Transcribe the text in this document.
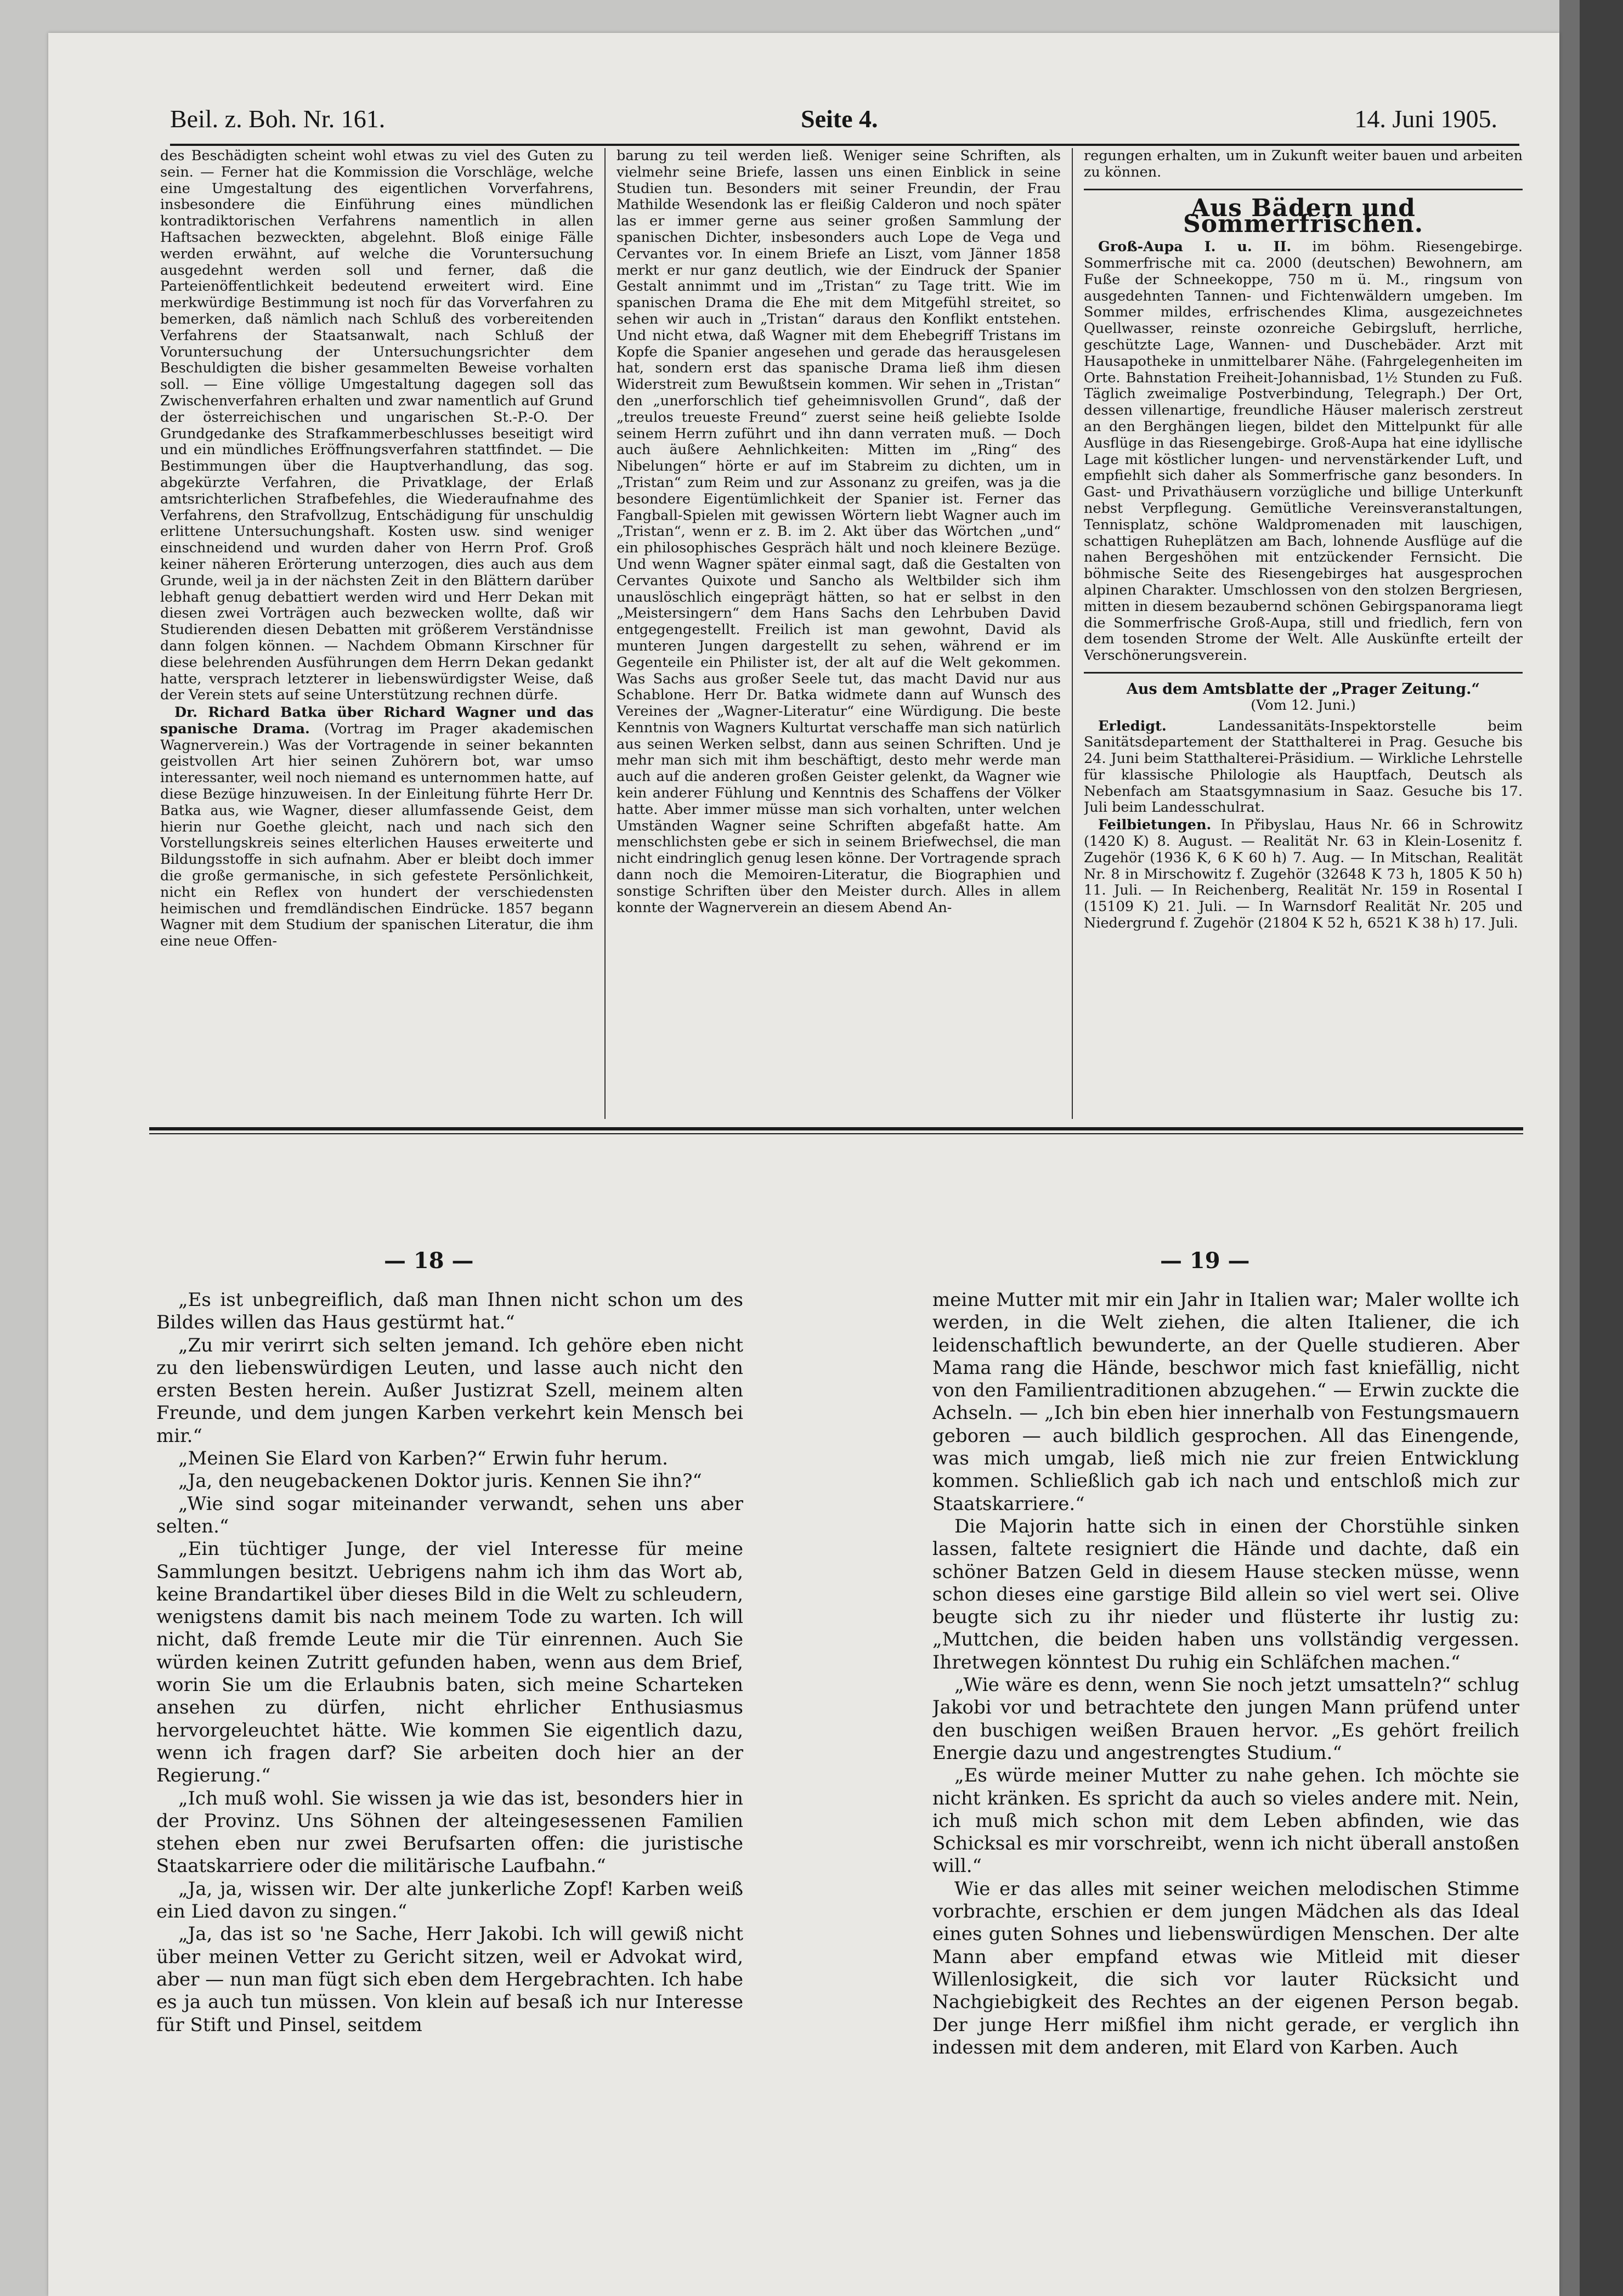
Beil. z. Boh. Nr. 161.	Seite 4.	14. Juni 1905.

des Beschädigten scheint wohl etwas zu viel des Guten zu sein. — Ferner hat die Kommission die Vorschläge, welche eine Umgestaltung des eigentlichen Vorverfahrens, insbesondere die Einführung eines mündlichen kontradiktorischen Verfahrens namentlich in allen Haftsachen bezweckten, abgelehnt. Bloß einige Fälle werden erwähnt, auf welche die Voruntersuchung ausgedehnt werden soll und ferner, daß die Parteienöffentlichkeit bedeutend erweitert wird. Eine merkwürdige Bestimmung ist noch für das Vorverfahren zu bemerken, daß nämlich nach Schluß des vorbereitenden Verfahrens der Staatsanwalt, nach Schluß der Voruntersuchung der Untersuchungsrichter dem Beschuldigten die bisher gesammelten Beweise vorhalten soll. — Eine völlige Umgestaltung dagegen soll das Zwischenverfahren erhalten und zwar namentlich auf Grund der österreichischen und ungarischen St.-P.-O. Der Grundgedanke des Strafkammerbeschlusses beseitigt wird und ein mündliches Eröffnungsverfahren stattfindet. — Die Bestimmungen über die Hauptverhandlung, das sog. abgekürzte Verfahren, die Privatklage, der Erlaß amtsrichterlichen Strafbefehles, die Wiederaufnahme des Verfahrens, den Strafvollzug, Entschädigung für unschuldig erlittene Untersuchungshaft. Kosten usw. sind weniger einschneidend und wurden daher von Herrn Prof. Groß keiner näheren Erörterung unterzogen, dies auch aus dem Grunde, weil ja in der nächsten Zeit in den Blättern darüber lebhaft genug debattiert werden wird und Herr Dekan mit diesen zwei Vorträgen auch bezwecken wollte, daß wir Studierenden diesen Debatten mit größerem Verständnisse dann folgen können. — Nachdem Obmann Kirschner für diese belehrenden Ausführungen dem Herrn Dekan gedankt hatte, versprach letzterer in liebenswürdigster Weise, daß der Verein stets auf seine Unterstützung rechnen dürfe.

Dr. Richard Batka über Richard Wagner und das spanische Drama. (Vortrag im Prager akademischen Wagnerverein.) Was der Vortragende in seiner bekannten geistvollen Art hier seinen Zuhörern bot, war umso interessanter, weil noch niemand es unternommen hatte, auf diese Bezüge hinzuweisen. In der Einleitung führte Herr Dr. Batka aus, wie Wagner, dieser allumfassende Geist, dem hierin nur Goethe gleicht, nach und nach sich den Vorstellungskreis seines elterlichen Hauses erweiterte und Bildungsstoffe in sich aufnahm. Aber er bleibt doch immer die große germanische, in sich gefestete Persönlichkeit, nicht ein Reflex von hundert der verschiedensten heimischen und fremdländischen Eindrücke. 1857 begann Wagner mit dem Studium der spanischen Literatur, die ihm eine neue Offen-

barung zu teil werden ließ. Weniger seine Schriften, als vielmehr seine Briefe, lassen uns einen Einblick in seine Studien tun. Besonders mit seiner Freundin, der Frau Mathilde Wesendonk las er fleißig Calderon und noch später las er immer gerne aus seiner großen Sammlung der spanischen Dichter, insbesonders auch Lope de Vega und Cervantes vor. In einem Briefe an Liszt, vom Jänner 1858 merkt er nur ganz deutlich, wie der Eindruck der Spanier Gestalt annimmt und im „Tristan“ zu Tage tritt. Wie im spanischen Drama die Ehe mit dem Mitgefühl streitet, so sehen wir auch in „Tristan“ daraus den Konflikt entstehen. Und nicht etwa, daß Wagner mit dem Ehebegriff Tristans im Kopfe die Spanier angesehen und gerade das herausgelesen hat, sondern erst das spanische Drama ließ ihm diesen Widerstreit zum Bewußtsein kommen. Wir sehen in „Tristan“ den „unerforschlich tief geheimnisvollen Grund“, daß der „treulos treueste Freund“ zuerst seine heiß geliebte Isolde seinem Herrn zuführt und ihn dann verraten muß. — Doch auch äußere Aehnlichkeiten: Mitten im „Ring“ des Nibelungen“ hörte er auf im Stabreim zu dichten, um in „Tristan“ zum Reim und zur Assonanz zu greifen, was ja die besondere Eigentümlichkeit der Spanier ist. Ferner das Fangball-Spielen mit gewissen Wörtern liebt Wagner auch im „Tristan“, wenn er z. B. im 2. Akt über das Wörtchen „und“ ein philosophisches Gespräch hält und noch kleinere Bezüge. Und wenn Wagner später einmal sagt, daß die Gestalten von Cervantes Quixote und Sancho als Weltbilder sich ihm unauslöschlich eingeprägt hätten, so hat er selbst in den „Meistersingern“ dem Hans Sachs den Lehrbuben David entgegengestellt. Freilich ist man gewohnt, David als munteren Jungen dargestellt zu sehen, während er im Gegenteile ein Philister ist, der alt auf die Welt gekommen. Was Sachs aus großer Seele tut, das macht David nur aus Schablone. Herr Dr. Batka widmete dann auf Wunsch des Vereines der „Wagner-Literatur“ eine Würdigung. Die beste Kenntnis von Wagners Kulturtat verschaffe man sich natürlich aus seinen Werken selbst, dann aus seinen Schriften. Und je mehr man sich mit ihm beschäftigt, desto mehr werde man auch auf die anderen großen Geister gelenkt, da Wagner wie kein anderer Fühlung und Kenntnis des Schaffens der Völker hatte. Aber immer müsse man sich vorhalten, unter welchen Umständen Wagner seine Schriften abgefaßt hatte. Am menschlichsten gebe er sich in seinem Briefwechsel, die man nicht eindringlich genug lesen könne. Der Vortragende sprach dann noch die Memoiren-Literatur, die Biographien und sonstige Schriften über den Meister durch. Alles in allem konnte der Wagnerverein an diesem Abend An-

regungen erhalten, um in Zukunft weiter bauen und arbeiten zu können.

Aus Bädern und Sommerfrischen.

Groß-Aupa I. u. II. im böhm. Riesengebirge. Sommerfrische mit ca. 2000 (deutschen) Bewohnern, am Fuße der Schneekoppe, 750 m ü. M., ringsum von ausgedehnten Tannen- und Fichtenwäldern umgeben. Im Sommer mildes, erfrischendes Klima, ausgezeichnetes Quellwasser, reinste ozonreiche Gebirgsluft, herrliche, geschützte Lage, Wannen- und Duschebäder. Arzt mit Hausapotheke in unmittelbarer Nähe. (Fahrgelegenheiten im Orte. Bahnstation Freiheit-Johannisbad, 1½ Stunden zu Fuß. Täglich zweimalige Postverbindung, Telegraph.) Der Ort, dessen villenartige, freundliche Häuser malerisch zerstreut an den Berghängen liegen, bildet den Mittelpunkt für alle Ausflüge in das Riesengebirge. Groß-Aupa hat eine idyllische Lage mit köstlicher lungen- und nervenstärkender Luft, und empfiehlt sich daher als Sommerfrische ganz besonders. In Gast- und Privathäusern vorzügliche und billige Unterkunft nebst Verpflegung. Gemütliche Vereinsveranstaltungen, Tennisplatz, schöne Waldpromenaden mit lauschigen, schattigen Ruheplätzen am Bach, lohnende Ausflüge auf die nahen Bergeshöhen mit entzückender Fernsicht. Die böhmische Seite des Riesengebirges hat ausgesprochen alpinen Charakter. Umschlossen von den stolzen Bergriesen, mitten in diesem bezaubernd schönen Gebirgspanorama liegt die Sommerfrische Groß-Aupa, still und friedlich, fern von dem tosenden Strome der Welt. Alle Auskünfte erteilt der Verschönerungsverein.

Aus dem Amtsblatte der „Prager Zeitung.“
(Vom 12. Juni.)

Erledigt.	Landessanitäts-Inspektorstelle beim Sanitätsdepartement der Statthalterei in Prag. Gesuche bis 24. Juni beim Statthalterei-Präsidium. — Wirkliche Lehrstelle für klassische Philologie als Hauptfach, Deutsch als Nebenfach am Staatsgymnasium in Saaz. Gesuche bis 17. Juli beim Landesschulrat.

Feilbietungen. In Přibyslau, Haus Nr. 66 in Schrowitz (1420 K) 8. August. — Realität Nr. 63 in Klein-Losenitz f. Zugehör (1936 K, 6 K 60 h) 7. Aug. — In Mitschan, Realität Nr. 8 in Mirschowitz f. Zugehör (32648 K 73 h, 1805 K 50 h) 11. Juli. — In Reichenberg, Realität Nr. 159 in Rosental I (15109 K) 21. Juli. — In Warnsdorf Realität Nr. 205 und Niedergrund f. Zugehör (21804 K 52 h, 6521 K 38 h) 17. Juli.

— 18 —	— 19 —

„Es ist unbegreiflich, daß man Ihnen nicht schon um des Bildes willen das Haus gestürmt hat.“

„Zu mir verirrt sich selten jemand. Ich gehöre eben nicht zu den liebenswürdigen Leuten, und lasse auch nicht den ersten Besten herein. Außer Justizrat Szell, meinem alten Freunde, und dem jungen Karben verkehrt kein Mensch bei mir.“

„Meinen Sie Elard von Karben?“ Erwin fuhr herum.

„Ja, den neugebackenen Doktor juris. Kennen Sie ihn?“

„Wie sind sogar miteinander verwandt, sehen uns aber selten.“

„Ein tüchtiger Junge, der viel Interesse für meine Sammlungen besitzt. Uebrigens nahm ich ihm das Wort ab, keine Brandartikel über dieses Bild in die Welt zu schleudern, wenigstens damit bis nach meinem Tode zu warten. Ich will nicht, daß fremde Leute mir die Tür einrennen. Auch Sie würden keinen Zutritt gefunden haben, wenn aus dem Brief, worin Sie um die Erlaubnis baten, sich meine Scharteken ansehen zu dürfen, nicht ehrlicher Enthusiasmus hervorgeleuchtet hätte. Wie kommen Sie eigentlich dazu, wenn ich fragen darf? Sie arbeiten doch hier an der Regierung.“

„Ich muß wohl. Sie wissen ja wie das ist, besonders hier in der Provinz. Uns Söhnen der alteingesessenen Familien stehen eben nur zwei Berufsarten offen: die juristische Staatskarriere oder die militärische Laufbahn.“

„Ja, ja, wissen wir. Der alte junkerliche Zopf! Karben weiß ein Lied davon zu singen.“

„Ja, das ist so 'ne Sache, Herr Jakobi. Ich will gewiß nicht über meinen Vetter zu Gericht sitzen, weil er Advokat wird, aber — nun man fügt sich eben dem Hergebrachten. Ich habe es ja auch tun müssen. Von klein auf besaß ich nur Interesse für Stift und Pinsel, seitdem

meine Mutter mit mir ein Jahr in Italien war; Maler wollte ich werden, in die Welt ziehen, die alten Italiener, die ich leidenschaftlich bewunderte, an der Quelle studieren. Aber Mama rang die Hände, beschwor mich fast kniefällig, nicht von den Familientraditionen abzugehen.“ — Erwin zuckte die Achseln. — „Ich bin eben hier innerhalb von Festungsmauern geboren — auch bildlich gesprochen. All das Einengende, was mich umgab, ließ mich nie zur freien Entwicklung kommen. Schließlich gab ich nach und entschloß mich zur Staatskarriere.“

Die Majorin hatte sich in einen der Chorstühle sinken lassen, faltete resigniert die Hände und dachte, daß ein schöner Batzen Geld in diesem Hause stecken müsse, wenn schon dieses eine garstige Bild allein so viel wert sei. Olive beugte sich zu ihr nieder und flüsterte ihr lustig zu: „Muttchen, die beiden haben uns vollständig vergessen. Ihretwegen könntest Du ruhig ein Schläfchen machen.“

„Wie wäre es denn, wenn Sie noch jetzt umsatteln?“ schlug Jakobi vor und betrachtete den jungen Mann prüfend unter den buschigen weißen Brauen hervor. „Es gehört freilich Energie dazu und angestrengtes Studium.“

„Es würde meiner Mutter zu nahe gehen. Ich möchte sie nicht kränken. Es spricht da auch so vieles andere mit. Nein, ich muß mich schon mit dem Leben abfinden, wie das Schicksal es mir vorschreibt, wenn ich nicht überall anstoßen will.“

Wie er das alles mit seiner weichen melodischen Stimme vorbrachte, erschien er dem jungen Mädchen als das Ideal eines guten Sohnes und liebenswürdigen Menschen. Der alte Mann aber empfand etwas wie Mitleid mit dieser Willenlosigkeit, die sich vor lauter Rücksicht und Nachgiebigkeit des Rechtes an der eigenen Person begab. Der junge Herr mißfiel ihm nicht gerade, er verglich ihn indessen mit dem anderen, mit Elard von Karben. Auch
